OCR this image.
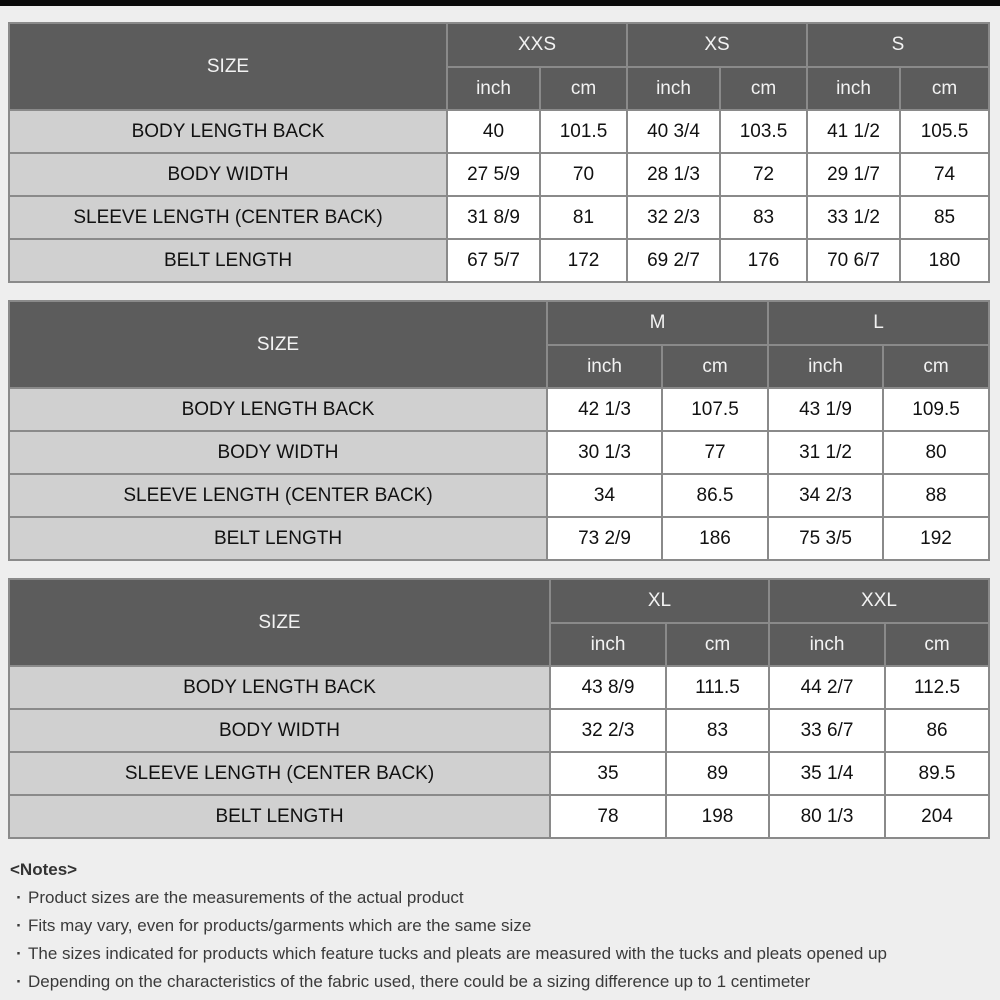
SIZE	XXS		XS		S	
	inch	cm	inch	cm	inch	cm
BODY LENGTH BACK	40	101.5	40 3/4	103.5	41 1/2	105.5
BODY WIDTH	27 5/9	70	28 1/3	72	29 1/7	74
SLEEVE LENGTH (CENTER BACK)	31 8/9	81	32 2/3	83	33 1/2	85
BELT LENGTH	67 5/7	172	69 2/7	176	70 6/7	180
SIZE	M		L	
	inch	cm	inch	cm
BODY LENGTH BACK	42 1/3	107.5	43 1/9	109.5
BODY WIDTH	30 1/3	77	31 1/2	80
SLEEVE LENGTH (CENTER BACK)	34	86.5	34 2/3	88
BELT LENGTH	73 2/9	186	75 3/5	192
SIZE	XL		XXL	
	inch	cm	inch	cm
BODY LENGTH BACK	43 8/9	111.5	44 2/7	112.5
BODY WIDTH	32 2/3	83	33 6/7	86
SLEEVE LENGTH (CENTER BACK)	35	89	35 1/4	89.5
BELT LENGTH	78	198	80 1/3	204
<Notes>
· Product sizes are the measurements of the actual product
· Fits may vary, even for products/garments which are the same size
· The sizes indicated for products which feature tucks and pleats are measured with the tucks and pleats opened up
· Depending on the characteristics of the fabric used, there could be a sizing difference up to 1 centimeter
